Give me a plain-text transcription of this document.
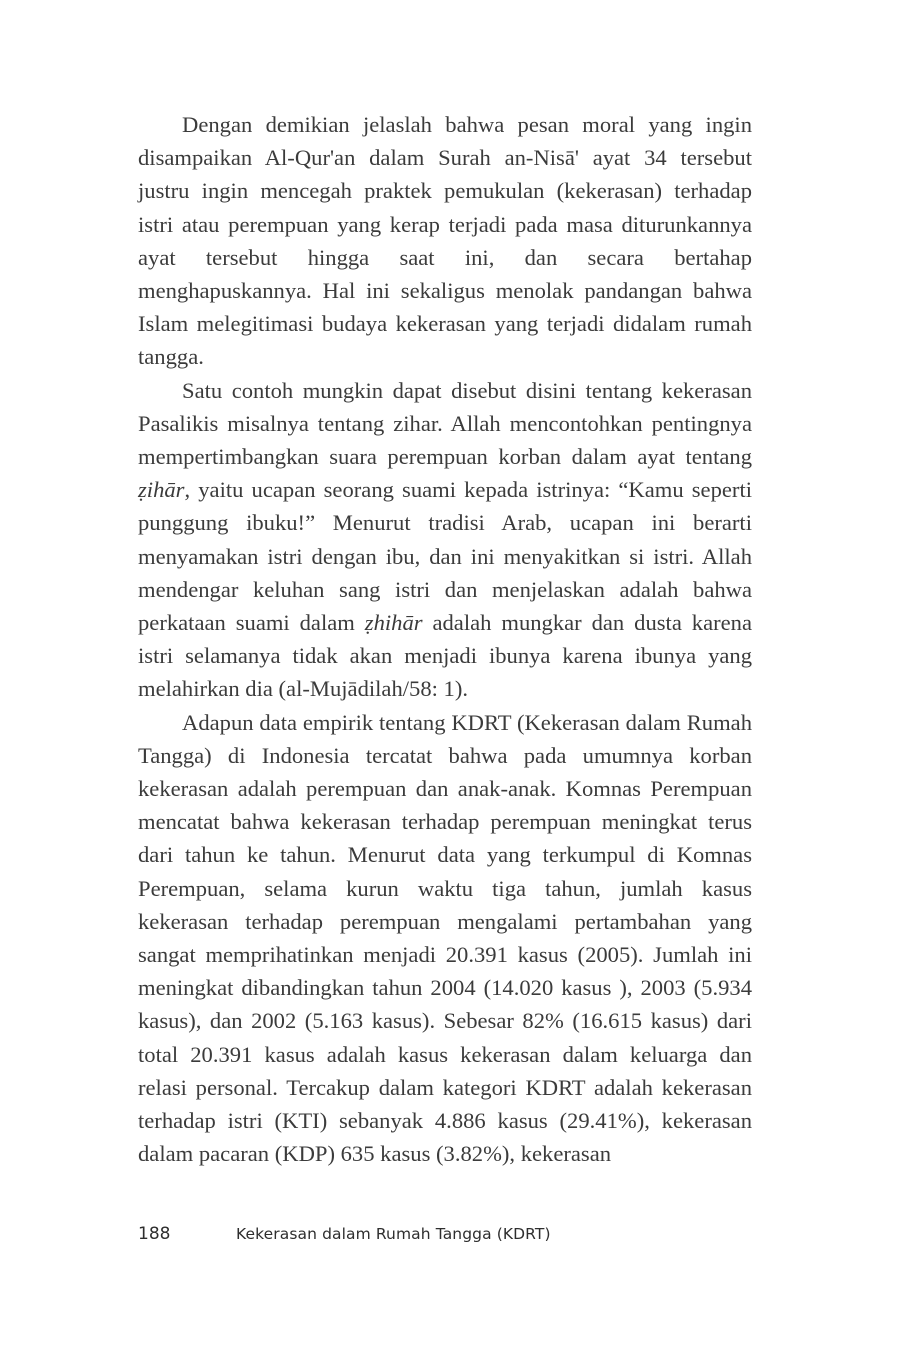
Dengan demikian jelaslah bahwa pesan moral yang ingin disampaikan Al-Qur'an dalam Surah an-Nisā' ayat 34 tersebut justru ingin mencegah praktek pemukulan (kekerasan) terhadap istri atau perempuan yang kerap terjadi pada masa diturunkannya ayat tersebut hingga saat ini, dan secara bertahap menghapuskannya. Hal ini sekaligus menolak pandangan bahwa Islam melegitimasi budaya kekerasan yang terjadi didalam rumah tangga.

Satu contoh mungkin dapat disebut disini tentang kekerasan Pasalikis misalnya tentang zihar. Allah mencontohkan pentingnya mempertimbangkan suara perempuan korban dalam ayat tentang ẓihār, yaitu ucapan seorang suami kepada istrinya: “Kamu seperti punggung ibuku!” Menurut tradisi Arab, ucapan ini berarti menyamakan istri dengan ibu, dan ini menyakitkan si istri. Allah mendengar keluhan sang istri dan menjelaskan adalah bahwa perkataan suami dalam ẓhihār adalah mungkar dan dusta karena istri selamanya tidak akan menjadi ibunya karena ibunya yang melahirkan dia (al-Mujādilah/58: 1).

Adapun data empirik tentang KDRT (Kekerasan dalam Rumah Tangga) di Indonesia tercatat bahwa pada umumnya korban kekerasan adalah perempuan dan anak-anak. Komnas Perempuan mencatat bahwa kekerasan terhadap perempuan meningkat terus dari tahun ke tahun. Menurut data yang terkumpul di Komnas Perempuan, selama kurun waktu tiga tahun, jumlah kasus kekerasan terhadap perempuan mengalami pertambahan yang sangat memprihatinkan menjadi 20.391 kasus (2005). Jumlah ini meningkat dibandingkan tahun 2004 (14.020 kasus ), 2003 (5.934 kasus), dan 2002 (5.163 kasus). Sebesar 82% (16.615 kasus) dari total 20.391 kasus adalah kasus kekerasan dalam keluarga dan relasi personal. Tercakup dalam kategori KDRT adalah kekerasan terhadap istri (KTI) sebanyak 4.886 kasus (29.41%), kekerasan dalam pacaran (KDP) 635 kasus (3.82%), kekerasan

188	Kekerasan dalam Rumah Tangga (KDRT)
